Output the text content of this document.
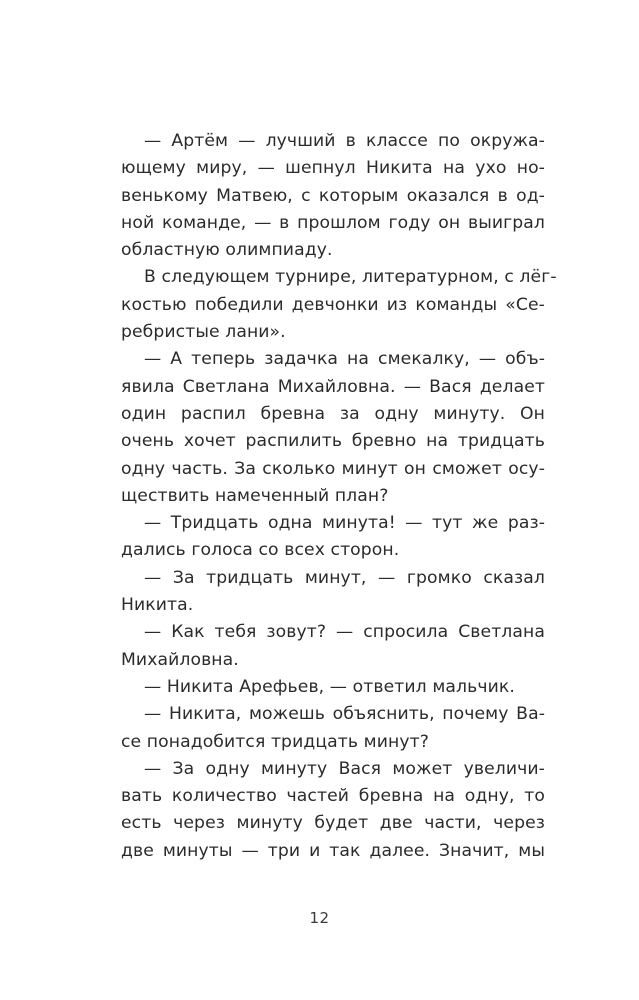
— Артём — лучший в классе по окружа-
ющему миру, — шепнул Никита на ухо но-
венькому Матвею, с которым оказался в од-
ной команде, — в прошлом году он выиграл
областную олимпиаду.

В следующем турнире, литературном, с лёг-
костью победили девчонки из команды «Се-
ребристые лани».

— А теперь задачка на смекалку, — объ-
явила Светлана Михайловна. — Вася делает
один распил бревна за одну минуту. Он
очень хочет распилить бревно на тридцать
одну часть. За сколько минут он сможет осу-
ществить намеченный план?

— Тридцать одна минута! — тут же раз-
дались голоса со всех сторон.

— За тридцать минут, — громко сказал
Никита.

— Как тебя зовут? — спросила Светлана
Михайловна.

— Никита Арефьев, — ответил мальчик.

— Никита, можешь объяснить, почему Ва-
се понадобится тридцать минут?

— За одну минуту Вася может увеличи-
вать количество частей бревна на одну, то
есть через минуту будет две части, через
две минуты — три и так далее. Значит, мы

12
